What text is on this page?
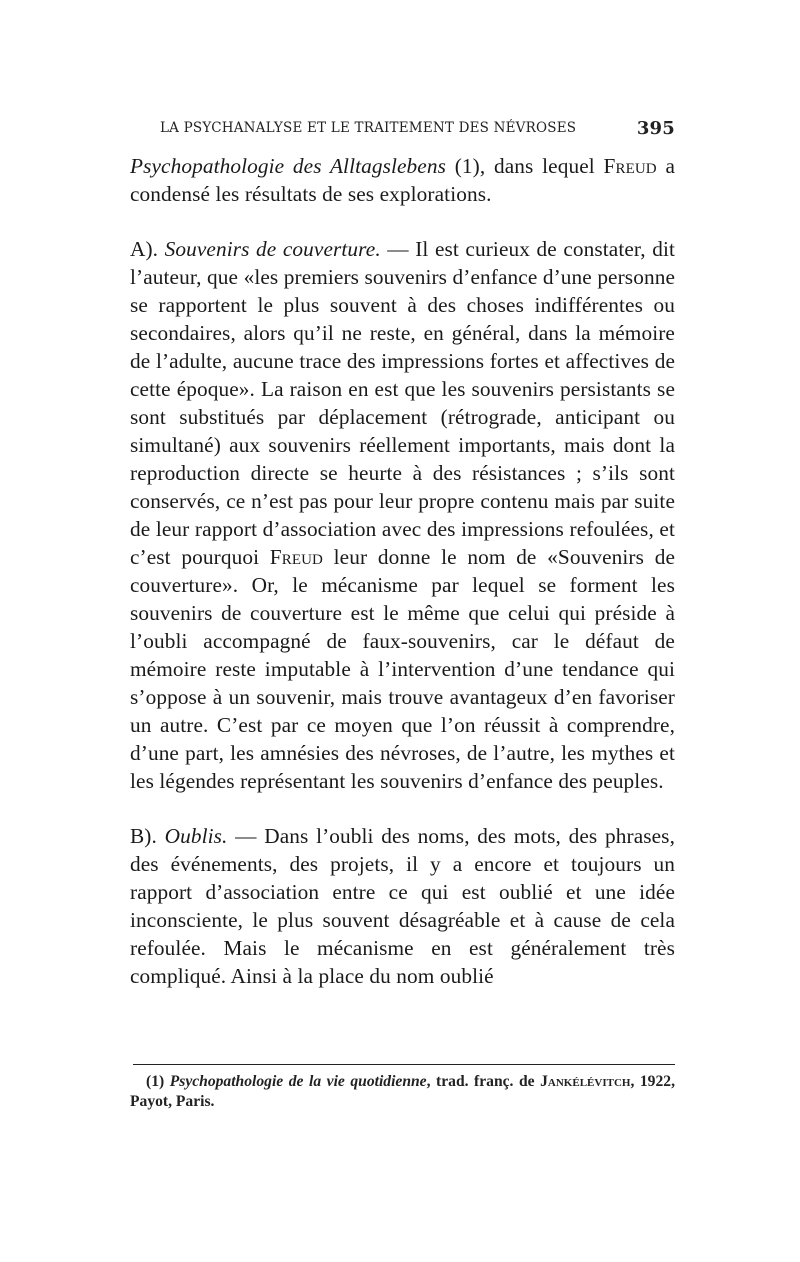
LA PSYCHANALYSE ET LE TRAITEMENT DES NÉVROSES	395

Psychopathologie des Alltagslebens (1), dans lequel Freud a condensé les résultats de ses explorations.

A). Souvenirs de couverture. — Il est curieux de constater, dit l’auteur, que «les premiers souvenirs d’enfance d’une personne se rapportent le plus souvent à des choses indifférentes ou secondaires, alors qu’il ne reste, en général, dans la mémoire de l’adulte, aucune trace des impressions fortes et affectives de cette époque». La raison en est que les souvenirs persistants se sont substitués par déplacement (rétrograde, anticipant ou simultané) aux souvenirs réellement importants, mais dont la reproduction directe se heurte à des résistances ; s’ils sont conservés, ce n’est pas pour leur propre contenu mais par suite de leur rapport d’association avec des impressions refoulées, et c’est pourquoi Freud leur donne le nom de «Souvenirs de couverture». Or, le mécanisme par lequel se forment les souvenirs de couverture est le même que celui qui préside à l’oubli accompagné de faux-souvenirs, car le défaut de mémoire reste imputable à l’intervention d’une tendance qui s’oppose à un souvenir, mais trouve avantageux d’en favoriser un autre. C’est par ce moyen que l’on réussit à comprendre, d’une part, les amnésies des névroses, de l’autre, les mythes et les légendes représentant les souvenirs d’enfance des peuples.

B). Oublis. — Dans l’oubli des noms, des mots, des phrases, des événements, des projets, il y a encore et toujours un rapport d’association entre ce qui est oublié et une idée inconsciente, le plus souvent désagréable et à cause de cela refoulée. Mais le mécanisme en est généralement très compliqué. Ainsi à la place du nom oublié

(1) Psychopathologie de la vie quotidienne, trad. franç. de Jankélévitch, 1922, Payot, Paris.
